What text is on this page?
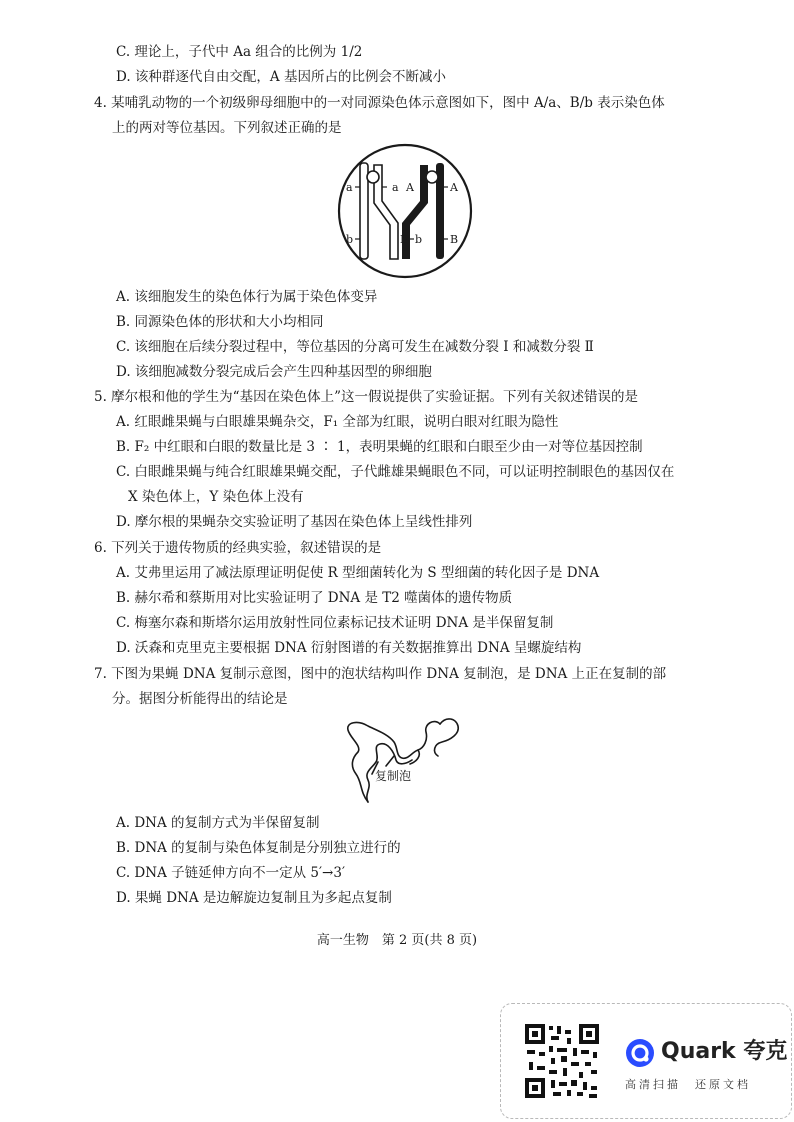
C. 理论上，子代中 Aa 组合的比例为 1/2
D. 该种群逐代自由交配，A 基因所占的比例会不断减小
4. 某哺乳动物的一个初级卵母细胞中的一对同源染色体示意图如下，图中 A/a、B/b 表示染色体
上的两对等位基因。下列叙述正确的是
a	a A	A
b	B b	B
A. 该细胞发生的染色体行为属于染色体变异
B. 同源染色体的形状和大小均相同
C. 该细胞在后续分裂过程中，等位基因的分离可发生在减数分裂 Ⅰ 和减数分裂 Ⅱ
D. 该细胞减数分裂完成后会产生四种基因型的卵细胞
5. 摩尔根和他的学生为“基因在染色体上”这一假说提供了实验证据。下列有关叙述错误的是
A. 红眼雌果蝇与白眼雄果蝇杂交，F₁ 全部为红眼，说明白眼对红眼为隐性
B. F₂ 中红眼和白眼的数量比是 3 ∶ 1，表明果蝇的红眼和白眼至少由一对等位基因控制
C. 白眼雌果蝇与纯合红眼雄果蝇交配，子代雌雄果蝇眼色不同，可以证明控制眼色的基因仅在
X 染色体上，Y 染色体上没有
D. 摩尔根的果蝇杂交实验证明了基因在染色体上呈线性排列
6. 下列关于遗传物质的经典实验，叙述错误的是
A. 艾弗里运用了减法原理证明促使 R 型细菌转化为 S 型细菌的转化因子是 DNA
B. 赫尔希和蔡斯用对比实验证明了 DNA 是 T2 噬菌体的遗传物质
C. 梅塞尔森和斯塔尔运用放射性同位素标记技术证明 DNA 是半保留复制
D. 沃森和克里克主要根据 DNA 衍射图谱的有关数据推算出 DNA 呈螺旋结构
7. 下图为果蝇 DNA 复制示意图，图中的泡状结构叫作 DNA 复制泡，是 DNA 上正在复制的部
分。据图分析能得出的结论是
复制泡
A. DNA 的复制方式为半保留复制
B. DNA 的复制与染色体复制是分别独立进行的
C. DNA 子链延伸方向不一定从 5′→3′
D. 果蝇 DNA 是边解旋边复制且为多起点复制
高一生物　第 2 页(共 8 页)
Quark 夸克
高清扫描　还原文档
